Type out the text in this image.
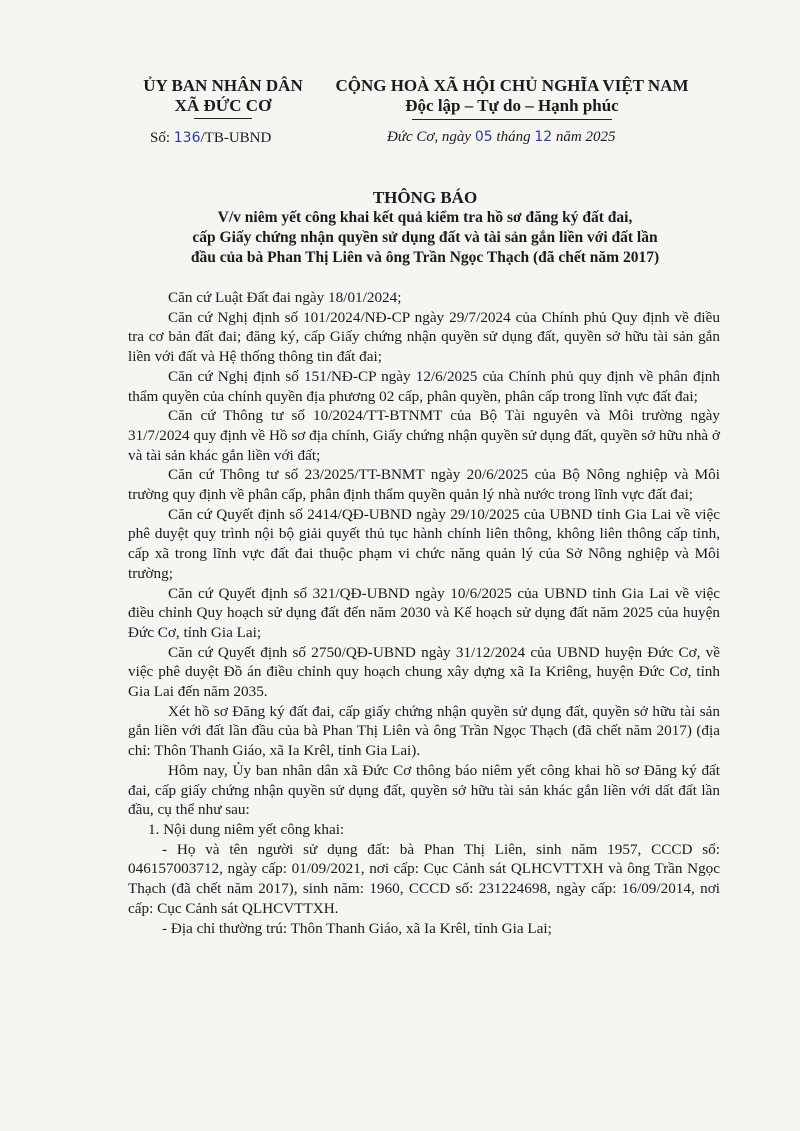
ỦY BAN NHÂN DÂN

XÃ ĐỨC CƠ

CỘNG HOÀ XÃ HỘI CHỦ NGHĨA VIỆT NAM

Độc lập – Tự do – Hạnh phúc

Số: 136/TB-UBND	Đức Cơ, ngày 05 tháng 12 năm 2025

THÔNG BÁO

V/v niêm yết công khai kết quả kiểm tra hồ sơ đăng ký đất đai,

cấp Giấy chứng nhận quyền sử dụng đất và tài sản gắn liền với đất lần

đầu của bà Phan Thị Liên và ông Trần Ngọc Thạch (đã chết năm 2017)

Căn cứ Luật Đất đai ngày 18/01/2024;

Căn cứ Nghị định số 101/2024/NĐ-CP ngày 29/7/2024 của Chính phủ Quy định về điều tra cơ bản đất đai; đăng ký, cấp Giấy chứng nhận quyền sử dụng đất, quyền sở hữu tài sản gắn liền với đất và Hệ thống thông tin đất đai;

Căn cứ Nghị định số 151/NĐ-CP ngày 12/6/2025 của Chính phủ quy định về phân định thẩm quyền của chính quyền địa phương 02 cấp, phân quyền, phân cấp trong lĩnh vực đất đai;

Căn cứ Thông tư số 10/2024/TT-BTNMT của Bộ Tài nguyên và Môi trường ngày 31/7/2024 quy định về Hồ sơ địa chính, Giấy chứng nhận quyền sử dụng đất, quyền sở hữu nhà ở và tài sản khác gắn liền với đất;

Căn cứ Thông tư số 23/2025/TT-BNMT ngày 20/6/2025 của Bộ Nông nghiệp và Môi trường quy định về phân cấp, phân định thẩm quyền quản lý nhà nước trong lĩnh vực đất đai;

Căn cứ Quyết định số 2414/QĐ-UBND ngày 29/10/2025 của UBND tỉnh Gia Lai về việc phê duyệt quy trình nội bộ giải quyết thủ tục hành chính liên thông, không liên thông cấp tỉnh, cấp xã trong lĩnh vực đất đai thuộc phạm vi chức năng quản lý của Sở Nông nghiệp và Môi trường;

Căn cứ Quyết định số 321/QĐ-UBND ngày 10/6/2025 của UBND tỉnh Gia Lai về việc điều chỉnh Quy hoạch sử dụng đất đến năm 2030 và Kế hoạch sử dụng đất năm 2025 của huyện Đức Cơ, tỉnh Gia Lai;

Căn cứ Quyết định số 2750/QĐ-UBND ngày 31/12/2024 của UBND huyện Đức Cơ, về việc phê duyệt Đồ án điều chỉnh quy hoạch chung xây dựng xã Ia Kriêng, huyện Đức Cơ, tỉnh Gia Lai đến năm 2035.

Xét hồ sơ Đăng ký đất đai, cấp giấy chứng nhận quyền sử dụng đất, quyền sở hữu tài sản gắn liền với đất lần đầu của bà Phan Thị Liên và ông Trần Ngọc Thạch (đã chết năm 2017) (địa chỉ: Thôn Thanh Giáo, xã Ia Krêl, tỉnh Gia Lai).

Hôm nay, Ủy ban nhân dân xã Đức Cơ thông báo niêm yết công khai hồ sơ Đăng ký đất đai, cấp giấy chứng nhận quyền sử dụng đất, quyền sở hữu tài sản khác gắn liền với dất đất lần đầu, cụ thể như sau:

1. Nội dung niêm yết công khai:

- Họ và tên người sử dụng đất: bà Phan Thị Liên, sinh năm 1957, CCCD số: 046157003712, ngày cấp: 01/09/2021, nơi cấp: Cục Cảnh sát QLHCVTTXH và ông Trần Ngọc Thạch (đã chết năm 2017), sinh năm: 1960, CCCD số: 231224698, ngày cấp: 16/09/2014, nơi cấp: Cục Cảnh sát QLHCVTTXH.

- Địa chỉ thường trú: Thôn Thanh Giáo, xã Ia Krêl, tỉnh Gia Lai;
